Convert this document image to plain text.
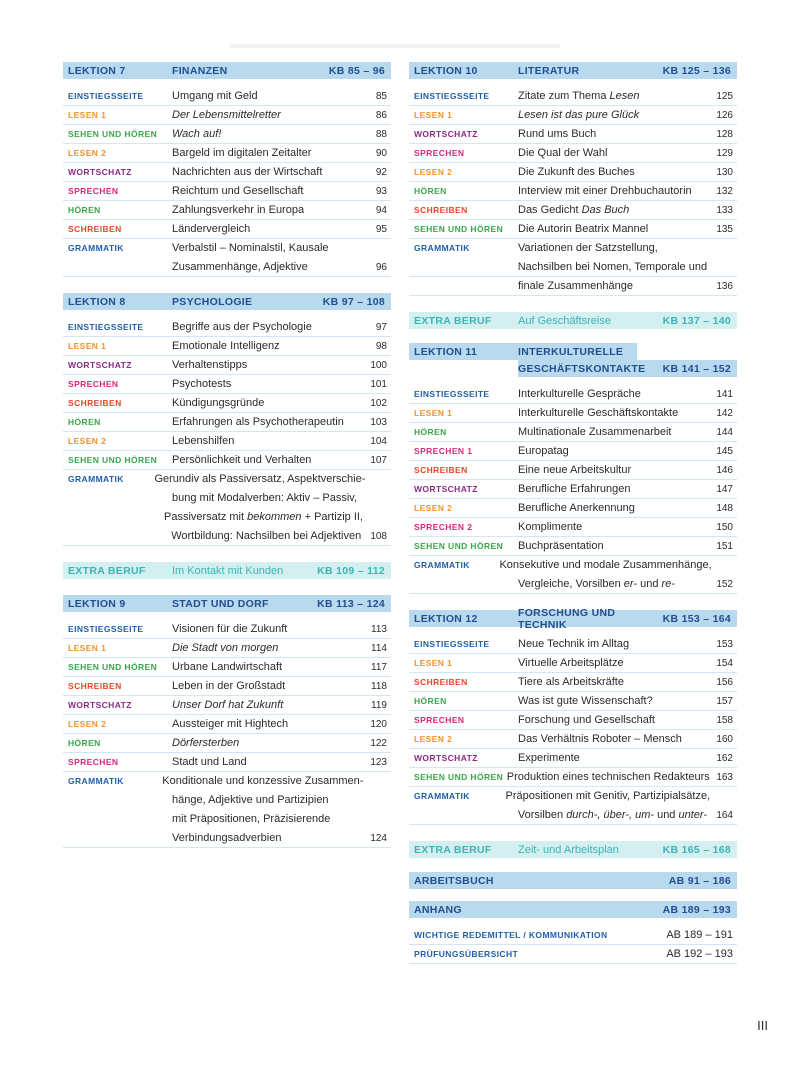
LEKTION 7	FINANZEN	KB 85 – 96
EINSTIEGSSEITE	Umgang mit Geld	85
LESEN 1	Der Lebensmittelretter	86
SEHEN UND HÖREN	Wach auf!	88
LESEN 2	Bargeld im digitalen Zeitalter	90
WORTSCHATZ	Nachrichten aus der Wirtschaft	92
SPRECHEN	Reichtum und Gesellschaft	93
HÖREN	Zahlungsverkehr in Europa	94
SCHREIBEN	Ländervergleich	95
GRAMMATIK	Verbalstil – Nominalstil, Kausale
Zusammenhänge, Adjektive	96
LEKTION 8	PSYCHOLOGIE	KB 97 – 108
EINSTIEGSSEITE	Begriffe aus der Psychologie	97
LESEN 1	Emotionale Intelligenz	98
WORTSCHATZ	Verhaltenstipps	100
SPRECHEN	Psychotests	101
SCHREIBEN	Kündigungsgründe	102
HÖREN	Erfahrungen als Psychotherapeutin	103
LESEN 2	Lebenshilfen	104
SEHEN UND HÖREN	Persönlichkeit und Verhalten	107
GRAMMATIK	Gerundiv als Passiversatz, Aspektverschie-
bung mit Modalverben: Aktiv – Passiv,
Passiversatz mit bekommen + Partizip II,
Wortbildung: Nachsilben bei Adjektiven 108
EXTRA BERUF	Im Kontakt mit Kunden	KB 109 – 112
LEKTION 9	STADT UND DORF	KB 113 – 124
EINSTIEGSSEITE	Visionen für die Zukunft	113
LESEN 1	Die Stadt von morgen	114
SEHEN UND HÖREN	Urbane Landwirtschaft	117
SCHREIBEN	Leben in der Großstadt	118
WORTSCHATZ	Unser Dorf hat Zukunft	119
LESEN 2	Aussteiger mit Hightech	120
HÖREN	Dörfersterben	122
SPRECHEN	Stadt und Land	123
GRAMMATIK	Konditionale und konzessive Zusammen-
hänge, Adjektive und Partizipien
mit Präpositionen, Präzisierende
Verbindungsadverbien	124
LEKTION 10	LITERATUR	KB 125 – 136
EINSTIEGSSEITE	Zitate zum Thema Lesen	125
LESEN 1	Lesen ist das pure Glück	126
WORTSCHATZ	Rund ums Buch	128
SPRECHEN	Die Qual der Wahl	129
LESEN 2	Die Zukunft des Buches	130
HÖREN	Interview mit einer Drehbuchautorin	132
SCHREIBEN	Das Gedicht Das Buch	133
SEHEN UND HÖREN	Die Autorin Beatrix Mannel	135
GRAMMATIK	Variationen der Satzstellung,
Nachsilben bei Nomen, Temporale und
finale Zusammenhänge	136
EXTRA BERUF	Auf Geschäftsreise	KB 137 – 140
LEKTION 11	INTERKULTURELLE
GESCHÄFTSKONTAKTE	KB 141 – 152
EINSTIEGSSEITE	Interkulturelle Gespräche	141
LESEN 1	Interkulturelle Geschäftskontakte	142
HÖREN	Multinationale Zusammenarbeit	144
SPRECHEN 1	Europatag	145
SCHREIBEN	Eine neue Arbeitskultur	146
WORTSCHATZ	Berufliche Erfahrungen	147
LESEN 2	Berufliche Anerkennung	148
SPRECHEN 2	Komplimente	150
SEHEN UND HÖREN	Buchpräsentation	151
GRAMMATIK	Konsekutive und modale Zusammenhänge,
Vergleiche, Vorsilben er- und re-	152
LEKTION 12	FORSCHUNG UND TECHNIK	KB 153 – 164
EINSTIEGSSEITE	Neue Technik im Alltag	153
LESEN 1	Virtuelle Arbeitsplätze	154
SCHREIBEN	Tiere als Arbeitskräfte	156
HÖREN	Was ist gute Wissenschaft?	157
SPRECHEN	Forschung und Gesellschaft	158
LESEN 2	Das Verhältnis Roboter – Mensch	160
WORTSCHATZ	Experimente	162
SEHEN UND HÖREN Produktion eines technischen Redakteurs 163
GRAMMATIK	Präpositionen mit Genitiv, Partizipialsätze,
Vorsilben durch-, über-, um- und unter- 164
EXTRA BERUF	Zeit- und Arbeitsplan	KB 165 – 168
ARBEITSBUCH	AB 91 – 186
ANHANG	AB 189 – 193
WICHTIGE REDEMITTEL / KOMMUNIKATION	AB 189 – 191
PRÜFUNGSÜBERSICHT	AB 192 – 193
III
